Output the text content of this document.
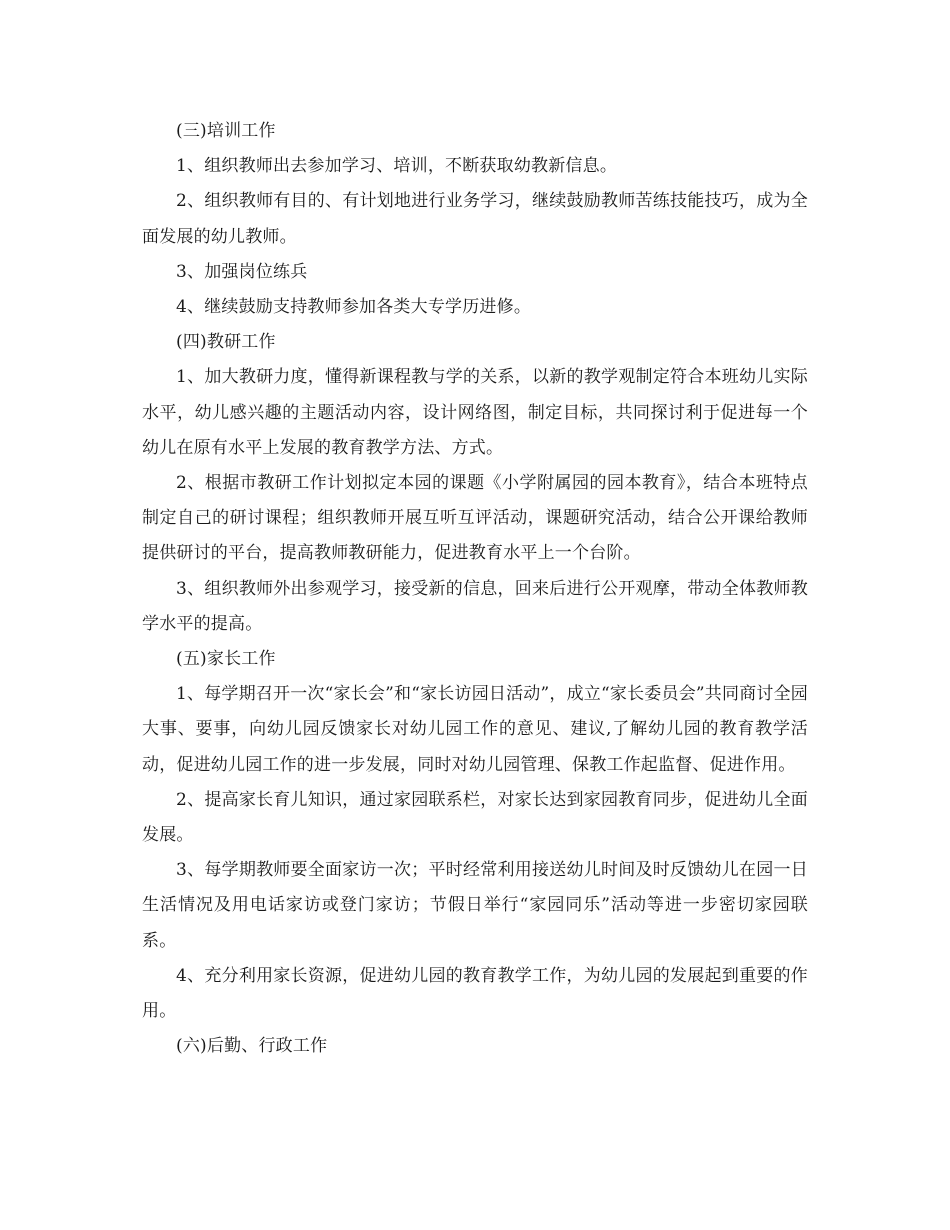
(三)培训工作

1、组织教师出去参加学习、培训，不断获取幼教新信息。

2、组织教师有目的、有计划地进行业务学习，继续鼓励教师苦练技能技巧，成为全面发展的幼儿教师。

3、加强岗位练兵

4、继续鼓励支持教师参加各类大专学历进修。

(四)教研工作

1、加大教研力度，懂得新课程教与学的关系，以新的教学观制定符合本班幼儿实际水平，幼儿感兴趣的主题活动内容，设计网络图，制定目标，共同探讨利于促进每一个幼儿在原有水平上发展的教育教学方法、方式。

2、根据市教研工作计划拟定本园的课题《小学附属园的园本教育》，结合本班特点制定自己的研讨课程；组织教师开展互听互评活动，课题研究活动，结合公开课给教师提供研讨的平台，提高教师教研能力，促进教育水平上一个台阶。

3、组织教师外出参观学习，接受新的信息，回来后进行公开观摩，带动全体教师教学水平的提高。

(五)家长工作

1、每学期召开一次“家长会”和“家长访园日活动”，成立“家长委员会”共同商讨全园大事、要事，向幼儿园反馈家长对幼儿园工作的意见、建议,了解幼儿园的教育教学活动，促进幼儿园工作的进一步发展，同时对幼儿园管理、保教工作起监督、促进作用。

2、提高家长育儿知识，通过家园联系栏，对家长达到家园教育同步，促进幼儿全面发展。

3、每学期教师要全面家访一次；平时经常利用接送幼儿时间及时反馈幼儿在园一日生活情况及用电话家访或登门家访；节假日举行“家园同乐”活动等进一步密切家园联系。

4、充分利用家长资源，促进幼儿园的教育教学工作，为幼儿园的发展起到重要的作用。

(六)后勤、行政工作
